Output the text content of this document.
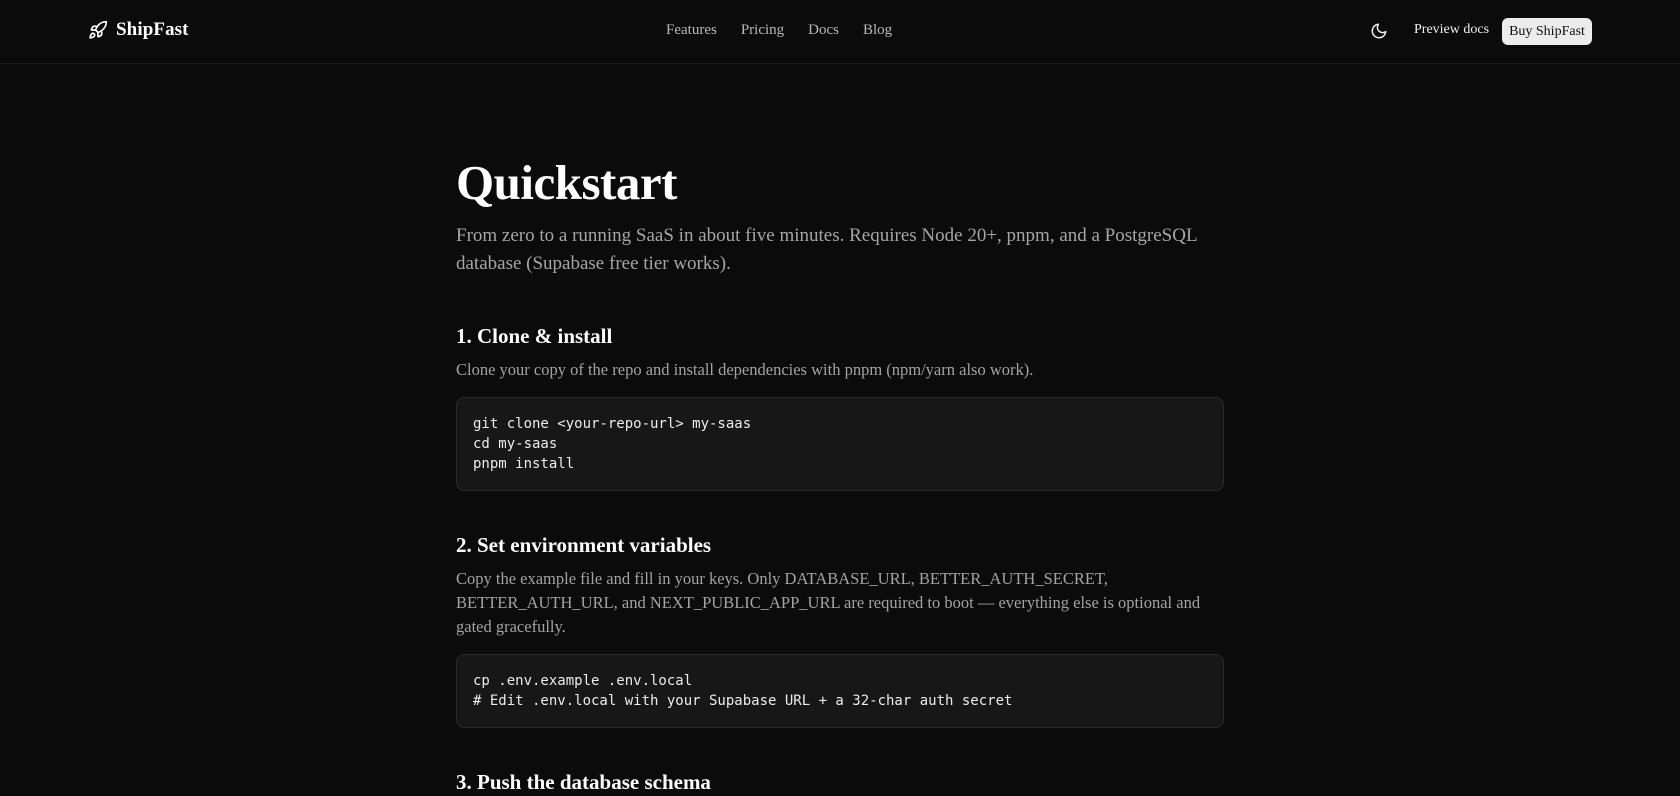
ShipFast	Features Pricing Docs Blog	Preview docs	Buy ShipFast
Quickstart

From zero to a running SaaS in about five minutes. Requires Node 20+, pnpm, and a PostgreSQL database (Supabase free tier works).

1. Clone & install

Clone your copy of the repo and install dependencies with pnpm (npm/yarn also work).

git clone <your-repo-url> my-saas
cd my-saas
pnpm install
2. Set environment variables

Copy the example file and fill in your keys. Only DATABASE_URL, BETTER_AUTH_SECRET, BETTER_AUTH_URL, and NEXT_PUBLIC_APP_URL are required to boot — everything else is optional and gated gracefully.

cp .env.example .env.local
# Edit .env.local with your Supabase URL + a 32-char auth secret
3. Push the database schema
